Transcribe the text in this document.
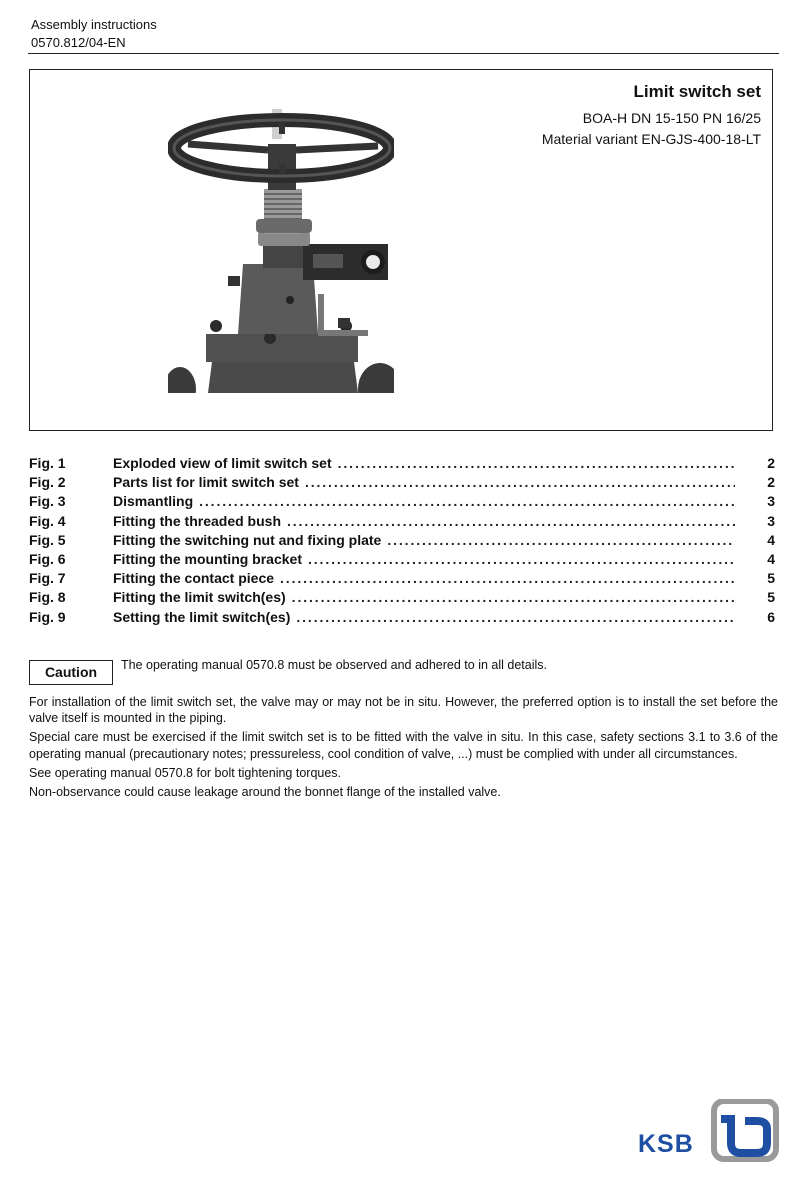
Assembly instructions
0570.812/04-EN
Limit switch set
BOA-H DN 15-150 PN 16/25
Material variant EN-GJS-400-18-LT
Fig. 1	Exploded view of limit switch set . . .	2
Fig. 2	Parts list for limit switch set . . .	2
Fig. 3	Dismantling . . .	3
Fig. 4	Fitting the threaded bush . . .	3
Fig. 5	Fitting the switching nut and fixing plate . . .	4
Fig. 6	Fitting the mounting bracket . . .	4
Fig. 7	Fitting the contact piece . . .	5
Fig. 8	Fitting the limit switch(es) . . .	5
Fig. 9	Setting the limit switch(es) . . .	6
Caution	The operating manual 0570.8 must be observed and adhered to in all details.

For installation of the limit switch set, the valve may or may not be in situ. However, the preferred option is to install the set before the valve itself is mounted in the piping.

Special care must be exercised if the limit switch set is to be fitted with the valve in situ. In this case, safety sections 3.1 to 3.6 of the operating manual (precautionary notes; pressureless, cool condition of valve, ...) must be complied with under all circumstances.

See operating manual 0570.8 for bolt tightening torques.

Non-observance could cause leakage around the bonnet flange of the installed valve.

KSB
